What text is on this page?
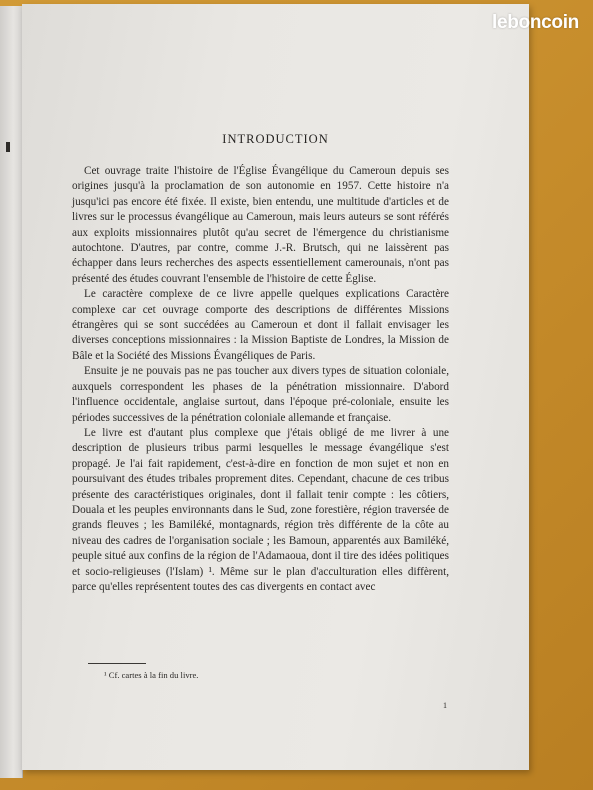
INTRODUCTION

Cet ouvrage traite l'histoire de l'Église Évangélique du Cameroun depuis ses origines jusqu'à la proclamation de son autonomie en 1957. Cette histoire n'a jusqu'ici pas encore été fixée. Il existe, bien entendu, une multitude d'articles et de livres sur le processus évangélique au Cameroun, mais leurs auteurs se sont référés aux exploits missionnaires plutôt qu'au secret de l'émergence du christianisme autochtone. D'autres, par contre, comme J.-R. Brutsch, qui ne laissèrent pas échapper dans leurs recherches des aspects essentiellement camerounais, n'ont pas présenté des études couvrant l'ensemble de l'histoire de cette Église.

Le caractère complexe de ce livre appelle quelques explications Caractère complexe car cet ouvrage comporte des descriptions de différentes Missions étrangères qui se sont succédées au Cameroun et dont il fallait envisager les diverses conceptions missionnaires : la Mission Baptiste de Londres, la Mission de Bâle et la Société des Missions Évangéliques de Paris.

Ensuite je ne pouvais pas ne pas toucher aux divers types de situation coloniale, auxquels correspondent les phases de la pénétration missionnaire. D'abord l'influence occidentale, anglaise surtout, dans l'époque pré-coloniale, ensuite les périodes successives de la pénétration coloniale allemande et française.

Le livre est d'autant plus complexe que j'étais obligé de me livrer à une description de plusieurs tribus parmi lesquelles le message évangélique s'est propagé. Je l'ai fait rapidement, c'est-à-dire en fonction de mon sujet et non en poursuivant des études tribales proprement dites. Cependant, chacune de ces tribus présente des caractéristiques originales, dont il fallait tenir compte : les côtiers, Douala et les peuples environnants dans le Sud, zone forestière, région traversée de grands fleuves ; les Bamiléké, montagnards, région très différente de la côte au niveau des cadres de l'organisation sociale ; les Bamoun, apparentés aux Bamiléké, peuple situé aux confins de la région de l'Adamaoua, dont il tire des idées politiques et socio-religieuses (l'Islam) ¹. Même sur le plan d'acculturation elles diffèrent, parce qu'elles représentent toutes des cas divergents en contact avec

¹ Cf. cartes à la fin du livre.
1
leboncoin
